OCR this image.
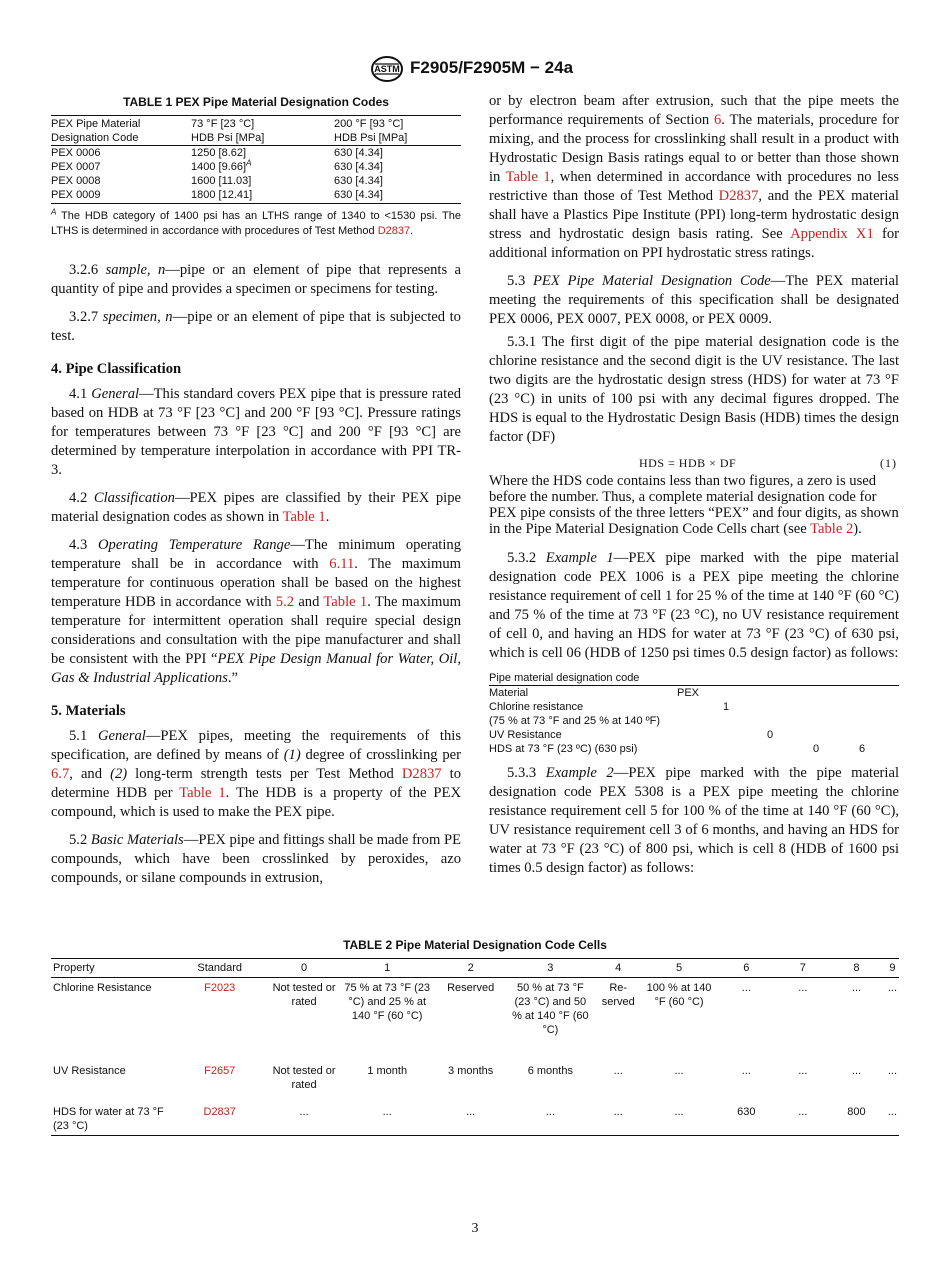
ASTM F2905/F2905M − 24a
TABLE 1 PEX Pipe Material Designation Codes
PEX Pipe Material	73 °F [23 °C]	200 °F [93 °C]
Designation Code	HDB Psi [MPa]	HDB Psi [MPa]
PEX 0006	1250 [8.62]	630 [4.34]
PEX 0007	1400 $[9.66]^A$	630 [4.34]
PEX 0008	1600 [11.03]	630 [4.34]
PEX 0009	1800 [12.41]	630 [4.34]
$^A$ The HDB category of 1400 psi has an LTHS range of 1340 to <1530 psi. The LTHS is determined in accordance with procedures of Test Method D2837.

3.2.6 sample, n—pipe or an element of pipe that represents a quantity of pipe and provides a specimen or specimens for testing.

3.2.7 specimen, n—pipe or an element of pipe that is subjected to test.

4. Pipe Classification

4.1 General—This standard covers PEX pipe that is pressure rated based on HDB at 73 °F [23 °C] and 200 °F [93 °C]. Pressure ratings for temperatures between 73 °F [23 °C] and 200 °F [93 °C] are determined by temperature interpolation in accordance with PPI TR-3.

4.2 Classification—PEX pipes are classified by their PEX pipe material designation codes as shown in Table 1.

4.3 Operating Temperature Range—The minimum operating temperature shall be in accordance with 6.11. The maximum temperature for continuous operation shall be based on the highest temperature HDB in accordance with 5.2 and Table 1. The maximum temperature for intermittent operation shall require special design considerations and consultation with the pipe manufacturer and shall be consistent with the PPI “PEX Pipe Design Manual for Water, Oil, Gas & Industrial Applications.”

5. Materials

5.1 General—PEX pipes, meeting the requirements of this specification, are defined by means of (1) degree of crosslinking per 6.7, and (2) long-term strength tests per Test Method D2837 to determine HDB per Table 1. The HDB is a property of the PEX compound, which is used to make the PEX pipe.

5.2 Basic Materials—PEX pipe and fittings shall be made from PE compounds, which have been crosslinked by peroxides, azo compounds, or silane compounds in extrusion,

or by electron beam after extrusion, such that the pipe meets the performance requirements of Section 6. The materials, procedure for mixing, and the process for crosslinking shall result in a product with Hydrostatic Design Basis ratings equal to or better than those shown in Table 1, when determined in accordance with procedures no less restrictive than those of Test Method D2837, and the PEX material shall have a Plastics Pipe Institute (PPI) long-term hydrostatic design stress and hydrostatic design basis rating. See Appendix X1 for additional information on PPI hydrostatic stress ratings.

5.3 PEX Pipe Material Designation Code—The PEX material meeting the requirements of this specification shall be designated PEX 0006, PEX 0007, PEX 0008, or PEX 0009.

5.3.1 The first digit of the pipe material designation code is the chlorine resistance and the second digit is the UV resistance. The last two digits are the hydrostatic design stress (HDS) for water at 73 °F (23 °C) in units of 100 psi with any decimal figures dropped. The HDS is equal to the Hydrostatic Design Basis (HDB) times the design factor (DF)

HDS = HDB × DF	(1)

Where the HDS code contains less than two figures, a zero is used before the number. Thus, a complete material designation code for PEX pipe consists of the three letters “PEX” and four digits, as shown in the Pipe Material Designation Code Cells chart (see Table 2).

5.3.2 Example 1—PEX pipe marked with the pipe material designation code PEX 1006 is a PEX pipe meeting the chlorine resistance requirement of cell 1 for 25 % of the time at 140 °F (60 °C) and 75 % of the time at 73 °F (23 °C), no UV resistance requirement of cell 0, and having an HDS for water at 73 °F (23 °C) of 630 psi, which is cell 06 (HDB of 1250 psi times 0.5 design factor) as follows:

Pipe material designation code					
Material	PEX				
Chlorine resistance		1			
(75 % at 73 °F and 25 % at 140 ºF)					
UV Resistance			0		
HDS at 73 °F (23 ºC) (630 psi)				0	6

5.3.3 Example 2—PEX pipe marked with the pipe material designation code PEX 5308 is a PEX pipe meeting the chlorine resistance requirement cell 5 for 100 % of the time at 140 °F (60 °C), UV resistance requirement cell 3 of 6 months, and having an HDS for water at 73 °F (23 °C) of 800 psi, which is cell 8 (HDB of 1600 psi times 0.5 design factor) as follows:

TABLE 2 Pipe Material Designation Code Cells
Property	Standard	0	1	2	3	4	5	6	7	8	9
Chlorine Resistance	F2023	Not tested or rated	75 % at 73 °F (23 °C) and 25 % at 140 °F (60 °C)	Reserved	50 % at 73 °F (23 °C) and 50 % at 140 °F (60 °C)	Re-served	100 % at 140 °F (60 °C)	...	...	...	...
UV Resistance	F2657	Not tested or rated	1 month	3 months	6 months	...	...	...	...	...	...
HDS for water at 73 °F (23 °C)	D2837	...	...	...	...	...	...	630	...	800	...
3
